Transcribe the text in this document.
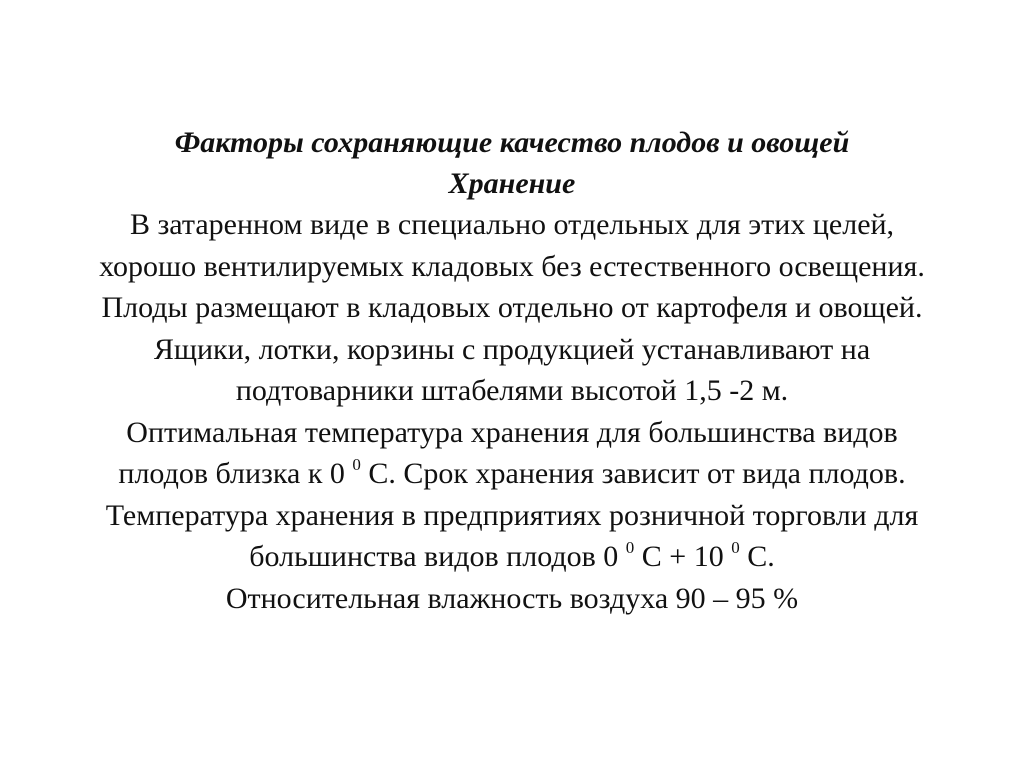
Факторы сохраняющие качество плодов и овощей
Хранение
В затаренном виде в специально отдельных для этих целей,
хорошо вентилируемых кладовых без естественного освещения.
Плоды размещают в кладовых отдельно от картофеля и овощей.
Ящики, лотки, корзины с продукцией устанавливают на
подтоварники штабелями высотой 1,5 -2 м.
Оптимальная температура хранения для большинства видов
плодов близка к 0 $^0$ С. Срок хранения зависит от вида плодов.
Температура хранения в предприятиях розничной торговли для
большинства видов плодов 0 $^0$ С + 10 $^0$ С.
Относительная влажность воздуха 90 – 95 %
